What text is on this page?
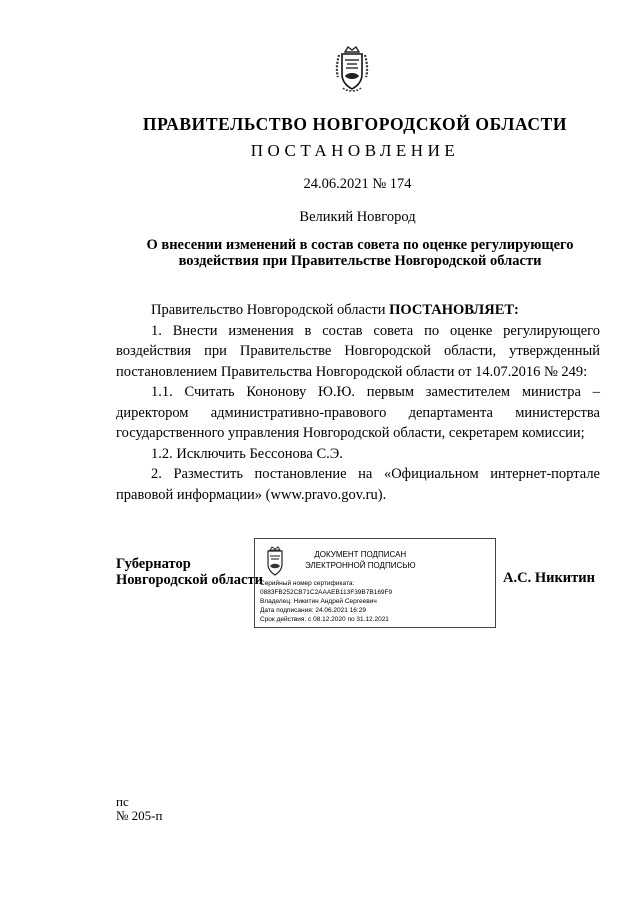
ПРАВИТЕЛЬСТВО НОВГОРОДСКОЙ ОБЛАСТИ
ПОСТАНОВЛЕНИЕ
24.06.2021 № 174
Великий Новгород
О внесении изменений в состав совета по оценке регулирующего
воздействия при Правительстве Новгородской области

Правительство Новгородской области ПОСТАНОВЛЯЕТ:

1. Внести изменения в состав совета по оценке регулирующего воздействия при Правительстве Новгородской области, утвержденный постановлением Правительства Новгородской области от 14.07.2016 № 249:

1.1. Считать Кононову Ю.Ю. первым заместителем министра – директором административно-правового департамента министерства государственного управления Новгородской области, секретарем комиссии;

1.2. Исключить Бессонова С.Э.

2. Разместить постановление на «Официальном интернет-портале правовой информации» (www.pravo.gov.ru).

Губернатор
Новгородской области
ДОКУМЕНТ ПОДПИСАН
ЭЛЕКТРОННОЙ ПОДПИСЬЮ
Серийный номер сертификата:
0883FB252CB71C2AAAEB113F39B7B169F9
Владелец: Никитин Андрей Сергеевич
Дата подписания: 24.06.2021 16:29
Срок действия: с 08.12.2020 по 31.12.2021
А.С. Никитин
пс
№ 205-п
